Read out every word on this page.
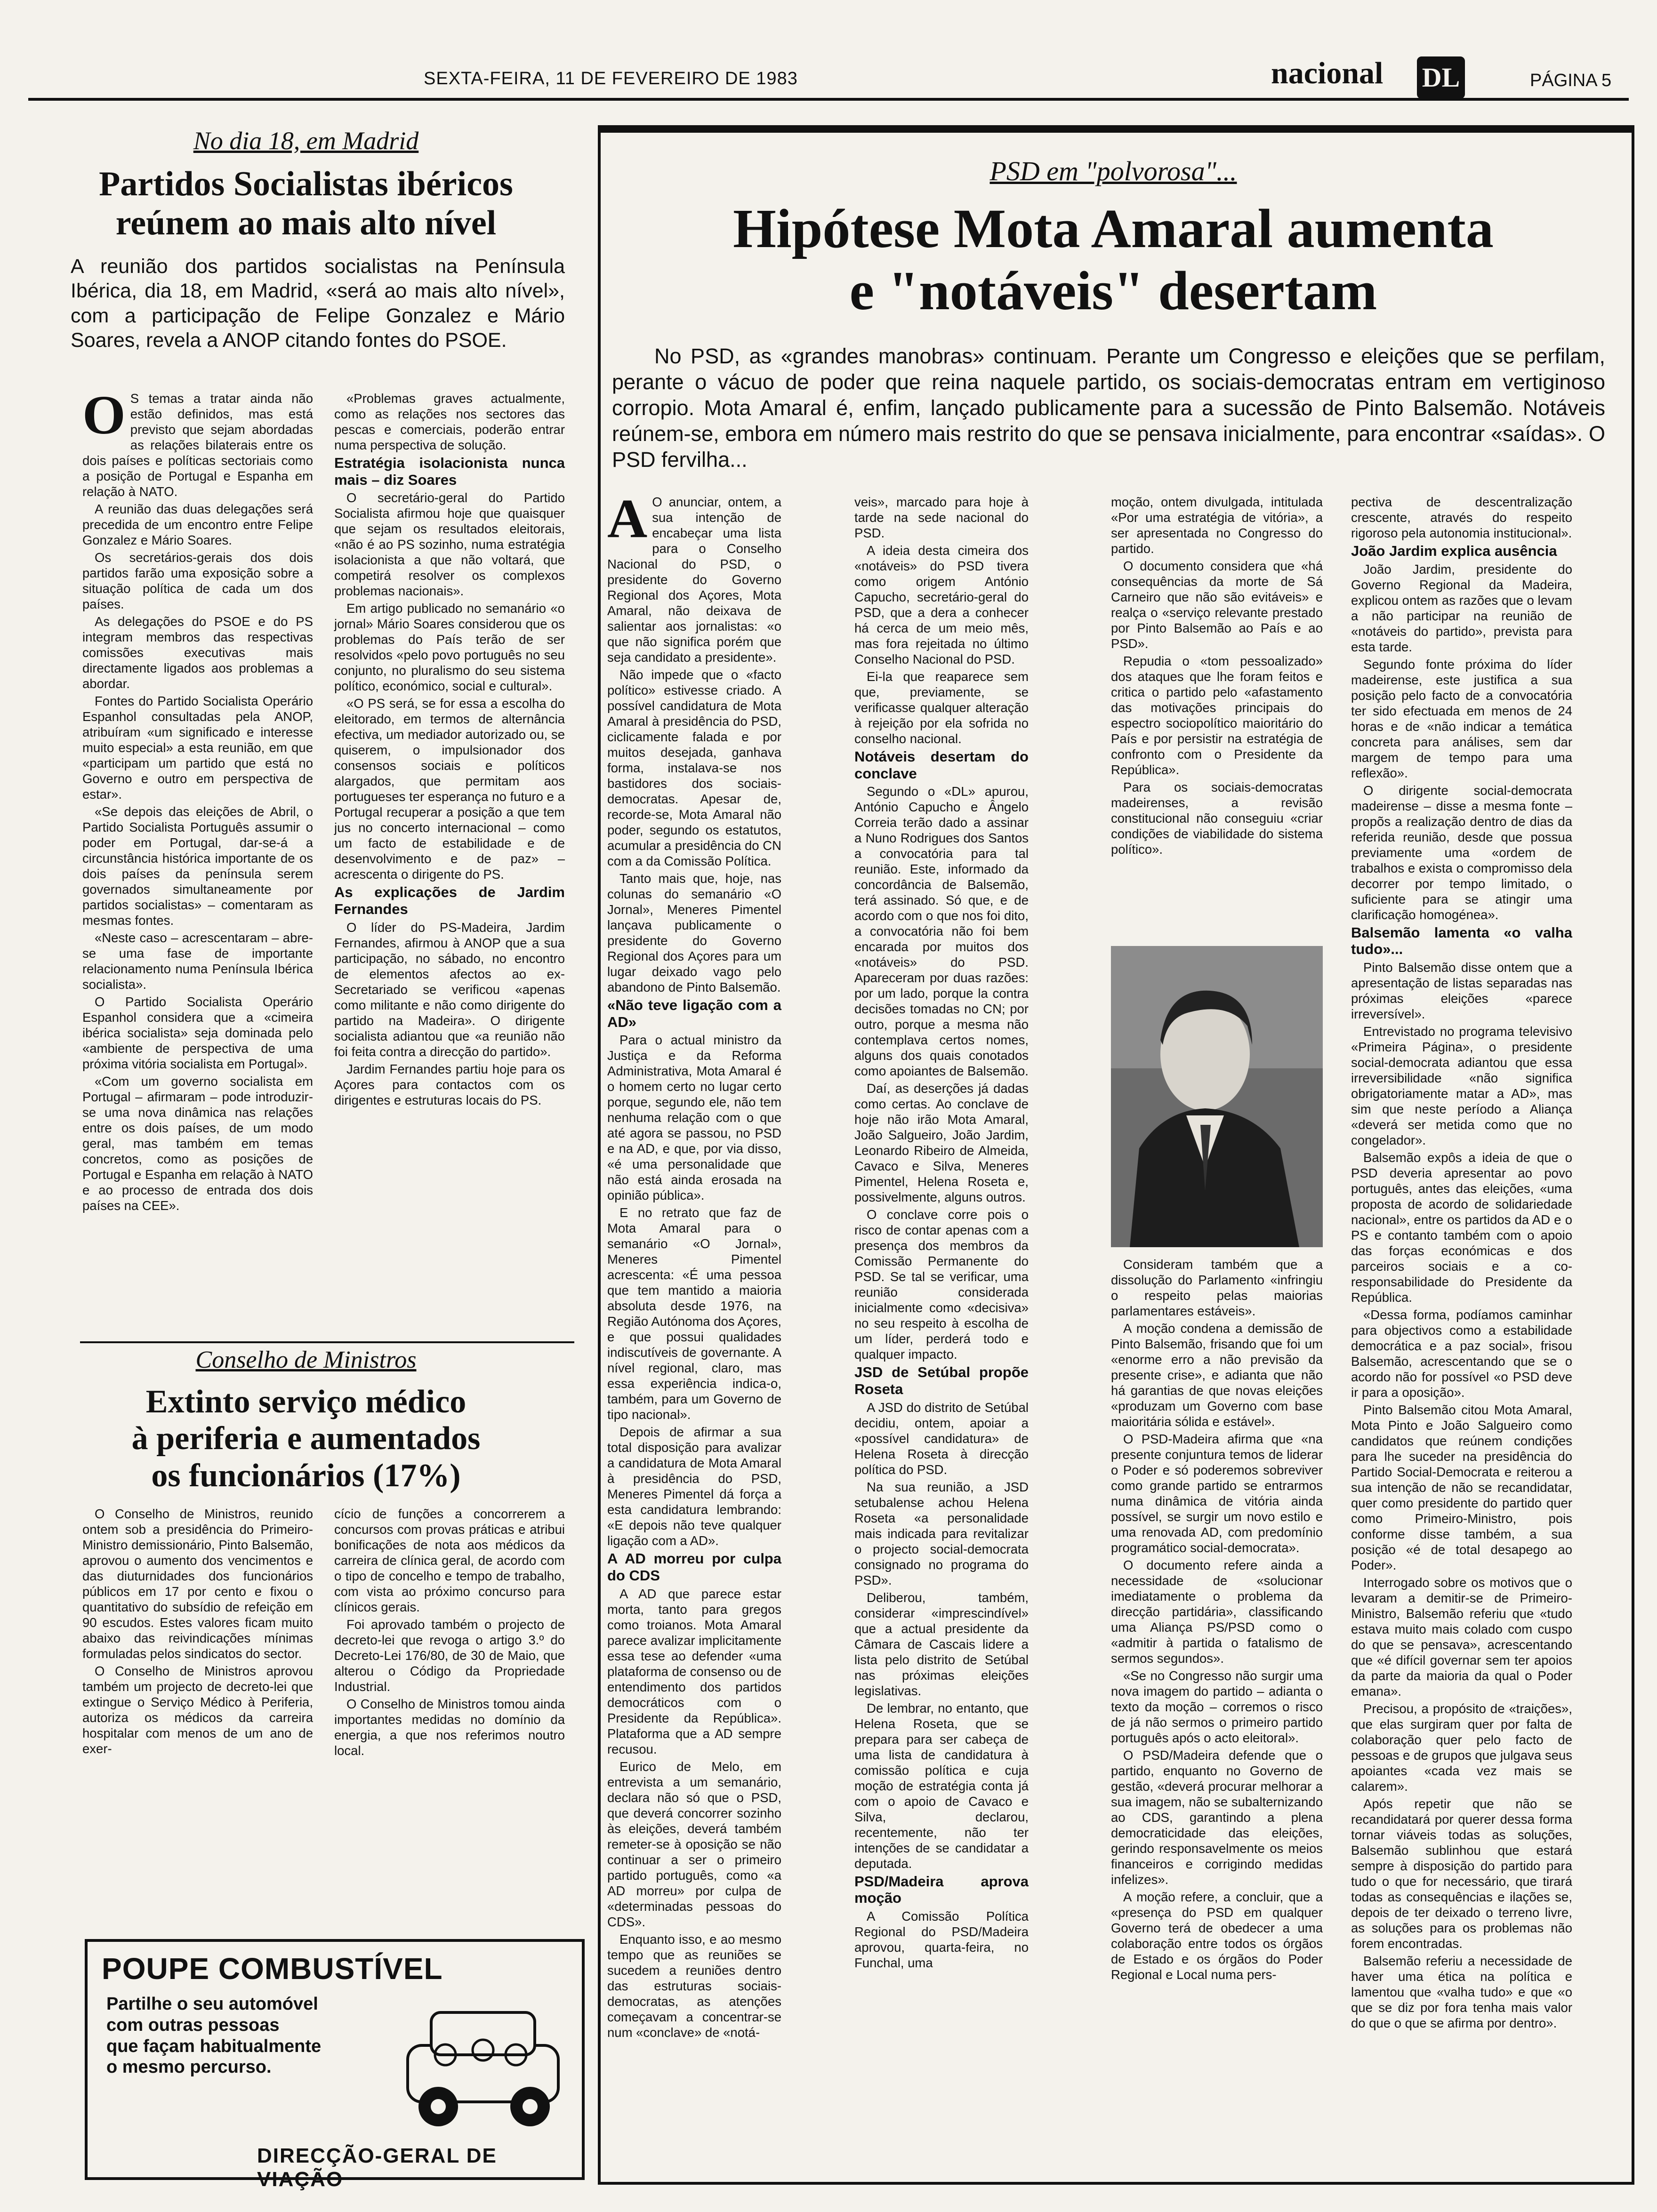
SEXTA-FEIRA, 11 DE FEVEREIRO DE 1983	nacional DL	PÁGINA 5
No dia 18, em Madrid
Partidos Socialistas ibéricos
reúnem ao mais alto nível
A reunião dos partidos socialistas na Península Ibérica, dia 18, em Madrid, «será ao mais alto nível», com a participação de Felipe Gonzalez e Mário Soares, revela a ANOP citando fontes do PSOE.

O S temas a tratar ainda não estão definidos, mas está previsto que sejam abordadas as relações bilaterais entre os dois países e políticas sectoriais como a posição de Portugal e Espanha em relação à NATO.

A reunião das duas delegações será precedida de um encontro entre Felipe Gonzalez e Mário Soares.

Os secretários-gerais dos dois partidos farão uma exposição sobre a situação política de cada um dos países.

As delegações do PSOE e do PS integram membros das respectivas comissões executivas mais directamente ligados aos problemas a abordar.

Fontes do Partido Socialista Operário Espanhol consultadas pela ANOP, atribuíram «um significado e interesse muito especial» a esta reunião, em que «participam um partido que está no Governo e outro em perspectiva de estar».

«Se depois das eleições de Abril, o Partido Socialista Português assumir o poder em Portugal, dar-se-á a circunstância histórica importante de os dois países da península serem governados simultaneamente por partidos socialistas» – comentaram as mesmas fontes.

«Neste caso – acrescentaram – abre-se uma fase de importante relacionamento numa Península Ibérica socialista».

O Partido Socialista Operário Espanhol considera que a «cimeira ibérica socialista» seja dominada pelo «ambiente de perspectiva de uma próxima vitória socialista em Portugal».

«Com um governo socialista em Portugal – afirmaram – pode introduzir-se uma nova dinâmica nas relações entre os dois países, de um modo geral, mas também em temas concretos, como as posições de Portugal e Espanha em relação à NATO e ao processo de entrada dos dois países na CEE».

«Problemas graves actualmente, como as relações nos sectores das pescas e comerciais, poderão entrar numa perspectiva de solução.

Estratégia isolacionista nunca mais – diz Soares

O secretário-geral do Partido Socialista afirmou hoje que quaisquer que sejam os resultados eleitorais, «não é ao PS sozinho, numa estratégia isolacionista a que não voltará, que competirá resolver os complexos problemas nacionais».

Em artigo publicado no semanário «o jornal» Mário Soares considerou que os problemas do País terão de ser resolvidos «pelo povo português no seu conjunto, no pluralismo do seu sistema político, económico, social e cultural».

«O PS será, se for essa a escolha do eleitorado, em termos de alternância efectiva, um mediador autorizado ou, se quiserem, o impulsionador dos consensos sociais e políticos alargados, que permitam aos portugueses ter esperança no futuro e a Portugal recuperar a posição a que tem jus no concerto internacional – como um facto de estabilidade e de desenvolvimento e de paz» – acrescenta o dirigente do PS.

As explicações de Jardim Fernandes

O líder do PS-Madeira, Jardim Fernandes, afirmou à ANOP que a sua participação, no sábado, no encontro de elementos afectos ao ex-Secretariado se verificou «apenas como militante e não como dirigente do partido na Madeira». O dirigente socialista adiantou que «a reunião não foi feita contra a direcção do partido».

Jardim Fernandes partiu hoje para os Açores para contactos com os dirigentes e estruturas locais do PS.

Conselho de Ministros
Extinto serviço médico
à periferia e aumentados
os funcionários (17%)

O Conselho de Ministros, reunido ontem sob a presidência do Primeiro-Ministro demissionário, Pinto Balsemão, aprovou o aumento dos vencimentos e das diuturnidades dos funcionários públicos em 17 por cento e fixou o quantitativo do subsídio de refeição em 90 escudos. Estes valores ficam muito abaixo das reivindicações mínimas formuladas pelos sindicatos do sector.

O Conselho de Ministros aprovou também um projecto de decreto-lei que extingue o Serviço Médico à Periferia, autoriza os médicos da carreira hospitalar com menos de um ano de exer-

cício de funções a concorrerem a concursos com provas práticas e atribui bonificações de nota aos médicos da carreira de clínica geral, de acordo com o tipo de concelho e tempo de trabalho, com vista ao próximo concurso para clínicos gerais.

Foi aprovado também o projecto de decreto-lei que revoga o artigo 3.º do Decreto-Lei 176/80, de 30 de Maio, que alterou o Código da Propriedade Industrial.

O Conselho de Ministros tomou ainda importantes medidas no domínio da energia, a que nos referimos noutro local.

POUPE COMBUSTÍVEL
Partilhe o seu automóvel
com outras pessoas
que façam habitualmente
o mesmo percurso.
DIRECÇÃO-GERAL DE VIAÇÃO
PSD em "polvorosa"...
Hipótese Mota Amaral aumenta
e "notáveis" desertam
No PSD, as «grandes manobras» continuam. Perante um Congresso e eleições que se perfilam, perante o vácuo de poder que reina naquele partido, os sociais-democratas entram em vertiginoso corropio. Mota Amaral é, enfim, lançado publicamente para a sucessão de Pinto Balsemão. Notáveis reúnem-se, embora em número mais restrito do que se pensava inicialmente, para encontrar «saídas». O PSD fervilha...

A O anunciar, ontem, a sua intenção de encabeçar uma lista para o Conselho Nacional do PSD, o presidente do Governo Regional dos Açores, Mota Amaral, não deixava de salientar aos jornalistas: «o que não significa porém que seja candidato a presidente».

Não impede que o «facto político» estivesse criado. A possível candidatura de Mota Amaral à presidência do PSD, ciclicamente falada e por muitos desejada, ganhava forma, instalava-se nos bastidores dos sociais-democratas. Apesar de, recorde-se, Mota Amaral não poder, segundo os estatutos, acumular a presidência do CN com a da Comissão Política.

Tanto mais que, hoje, nas colunas do semanário «O Jornal», Meneres Pimentel lançava publicamente o presidente do Governo Regional dos Açores para um lugar deixado vago pelo abandono de Pinto Balsemão.

«Não teve ligação com a AD»

Para o actual ministro da Justiça e da Reforma Administrativa, Mota Amaral é o homem certo no lugar certo porque, segundo ele, não tem nenhuma relação com o que até agora se passou, no PSD e na AD, e que, por via disso, «é uma personalidade que não está ainda erosada na opinião pública».

E no retrato que faz de Mota Amaral para o semanário «O Jornal», Meneres Pimentel acrescenta: «É uma pessoa que tem mantido a maioria absoluta desde 1976, na Região Autónoma dos Açores, e que possui qualidades indiscutíveis de governante. A nível regional, claro, mas essa experiência indica-o, também, para um Governo de tipo nacional».

Depois de afirmar a sua total disposição para avalizar a candidatura de Mota Amaral à presidência do PSD, Meneres Pimentel dá força a esta candidatura lembrando: «E depois não teve qualquer ligação com a AD».

A AD morreu por culpa do CDS

A AD que parece estar morta, tanto para gregos como troianos. Mota Amaral parece avalizar implicitamente essa tese ao defender «uma plataforma de consenso ou de entendimento dos partidos democráticos com o Presidente da República». Plataforma que a AD sempre recusou.

Eurico de Melo, em entrevista a um semanário, declara não só que o PSD, que deverá concorrer sozinho às eleições, deverá também remeter-se à oposição se não continuar a ser o primeiro partido português, como «a AD morreu» por culpa de «determinadas pessoas do CDS».

Enquanto isso, e ao mesmo tempo que as reuniões se sucedem a reuniões dentro das estruturas sociais-democratas, as atenções começavam a concentrar-se num «conclave» de «notá-

veis», marcado para hoje à tarde na sede nacional do PSD.

A ideia desta cimeira dos «notáveis» do PSD tivera como origem António Capucho, secretário-geral do PSD, que a dera a conhecer há cerca de um meio mês, mas fora rejeitada no último Conselho Nacional do PSD.

Ei-la que reaparece sem que, previamente, se verificasse qualquer alteração à rejeição por ela sofrida no conselho nacional.

Notáveis desertam do conclave

Segundo o «DL» apurou, António Capucho e Ângelo Correia terão dado a assinar a Nuno Rodrigues dos Santos a convocatória para tal reunião. Este, informado da concordância de Balsemão, terá assinado. Só que, e de acordo com o que nos foi dito, a convocatória não foi bem encarada por muitos dos «notáveis» do PSD. Apareceram por duas razões: por um lado, porque la contra decisões tomadas no CN; por outro, porque a mesma não contemplava certos nomes, alguns dos quais conotados como apoiantes de Balsemão.

Daí, as deserções já dadas como certas. Ao conclave de hoje não irão Mota Amaral, João Salgueiro, João Jardim, Leonardo Ribeiro de Almeida, Cavaco e Silva, Meneres Pimentel, Helena Roseta e, possivelmente, alguns outros.

O conclave corre pois o risco de contar apenas com a presença dos membros da Comissão Permanente do PSD. Se tal se verificar, uma reunião considerada inicialmente como «decisiva» no seu respeito à escolha de um líder, perderá todo e qualquer impacto.

JSD de Setúbal propõe Roseta

A JSD do distrito de Setúbal decidiu, ontem, apoiar a «possível candidatura» de Helena Roseta à direcção política do PSD.

Na sua reunião, a JSD setubalense achou Helena Roseta «a personalidade mais indicada para revitalizar o projecto social-democrata consignado no programa do PSD».

Deliberou, também, considerar «imprescindível» que a actual presidente da Câmara de Cascais lidere a lista pelo distrito de Setúbal nas próximas eleições legislativas.

De lembrar, no entanto, que Helena Roseta, que se prepara para ser cabeça de uma lista de candidatura à comissão política e cuja moção de estratégia conta já com o apoio de Cavaco e Silva, declarou, recentemente, não ter intenções de se candidatar a deputada.

PSD/Madeira aprova moção

A Comissão Política Regional do PSD/Madeira aprovou, quarta-feira, no Funchal, uma

moção, ontem divulgada, intitulada «Por uma estratégia de vitória», a ser apresentada no Congresso do partido.

O documento considera que «há consequências da morte de Sá Carneiro que não são evitáveis» e realça o «serviço relevante prestado por Pinto Balsemão ao País e ao PSD».

Repudia o «tom pessoalizado» dos ataques que lhe foram feitos e critica o partido pelo «afastamento das motivações principais do espectro sociopolítico maioritário do País e por persistir na estratégia de confronto com o Presidente da República».

Para os sociais-democratas madeirenses, a revisão constitucional não conseguiu «criar condições de viabilidade do sistema político».

Consideram também que a dissolução do Parlamento «infringiu o respeito pelas maiorias parlamentares estáveis».

A moção condena a demissão de Pinto Balsemão, frisando que foi um «enorme erro a não previsão da presente crise», e adianta que não há garantias de que novas eleições «produzam um Governo com base maioritária sólida e estável».

O PSD-Madeira afirma que «na presente conjuntura temos de liderar o Poder e só poderemos sobreviver como grande partido se entrarmos numa dinâmica de vitória ainda possível, se surgir um novo estilo e uma renovada AD, com predomínio programático social-democrata».

O documento refere ainda a necessidade de «solucionar imediatamente o problema da direcção partidária», classificando uma Aliança PS/PSD como o «admitir à partida o fatalismo de sermos segundos».

«Se no Congresso não surgir uma nova imagem do partido – adianta o texto da moção – corremos o risco de já não sermos o primeiro partido português após o acto eleitoral».

O PSD/Madeira defende que o partido, enquanto no Governo de gestão, «deverá procurar melhorar a sua imagem, não se subalternizando ao CDS, garantindo a plena democraticidade das eleições, gerindo responsavelmente os meios financeiros e corrigindo medidas infelizes».

A moção refere, a concluir, que a «presença do PSD em qualquer Governo terá de obedecer a uma colaboração entre todos os órgãos de Estado e os órgãos do Poder Regional e Local numa pers-

pectiva de descentralização crescente, através do respeito rigoroso pela autonomia institucional».

João Jardim explica ausência

João Jardim, presidente do Governo Regional da Madeira, explicou ontem as razões que o levam a não participar na reunião de «notáveis do partido», prevista para esta tarde.

Segundo fonte próxima do líder madeirense, este justifica a sua posição pelo facto de a convocatória ter sido efectuada em menos de 24 horas e de «não indicar a temática concreta para análises, sem dar margem de tempo para uma reflexão».

O dirigente social-democrata madeirense – disse a mesma fonte – propõs a realização dentro de dias da referida reunião, desde que possua previamente uma «ordem de trabalhos e exista o compromisso dela decorrer por tempo limitado, o suficiente para se atingir uma clarificação homogénea».

Balsemão lamenta «o valha tudo»...

Pinto Balsemão disse ontem que a apresentação de listas separadas nas próximas eleições «parece irreversível».

Entrevistado no programa televisivo «Primeira Página», o presidente social-democrata adiantou que essa irreversibilidade «não significa obrigatoriamente matar a AD», mas sim que neste período a Aliança «deverá ser metida como que no congelador».

Balsemão expôs a ideia de que o PSD deveria apresentar ao povo português, antes das eleições, «uma proposta de acordo de solidariedade nacional», entre os partidos da AD e o PS e contanto também com o apoio das forças económicas e dos parceiros sociais e a co-responsabilidade do Presidente da República.

«Dessa forma, podíamos caminhar para objectivos como a estabilidade democrática e a paz social», frisou Balsemão, acrescentando que se o acordo não for possível «o PSD deve ir para a oposição».

Pinto Balsemão citou Mota Amaral, Mota Pinto e João Salgueiro como candidatos que reúnem condições para lhe suceder na presidência do Partido Social-Democrata e reiterou a sua intenção de não se recandidatar, quer como presidente do partido quer como Primeiro-Ministro, pois conforme disse também, a sua posição «é de total desapego ao Poder».

Interrogado sobre os motivos que o levaram a demitir-se de Primeiro-Ministro, Balsemão referiu que «tudo estava muito mais colado com cuspo do que se pensava», acrescentando que «é difícil governar sem ter apoios da parte da maioria da qual o Poder emana».

Precisou, a propósito de «traições», que elas surgiram quer por falta de colaboração quer pelo facto de pessoas e de grupos que julgava seus apoiantes «cada vez mais se calarem».

Após repetir que não se recandidatará por querer dessa forma tornar viáveis todas as soluções, Balsemão sublinhou que estará sempre à disposição do partido para tudo o que for necessário, que tirará todas as consequências e ilações se, depois de ter deixado o terreno livre, as soluções para os problemas não forem encontradas.

Balsemão referiu a necessidade de haver uma ética na política e lamentou que «valha tudo» e que «o que se diz por fora tenha mais valor do que o que se afirma por dentro».
